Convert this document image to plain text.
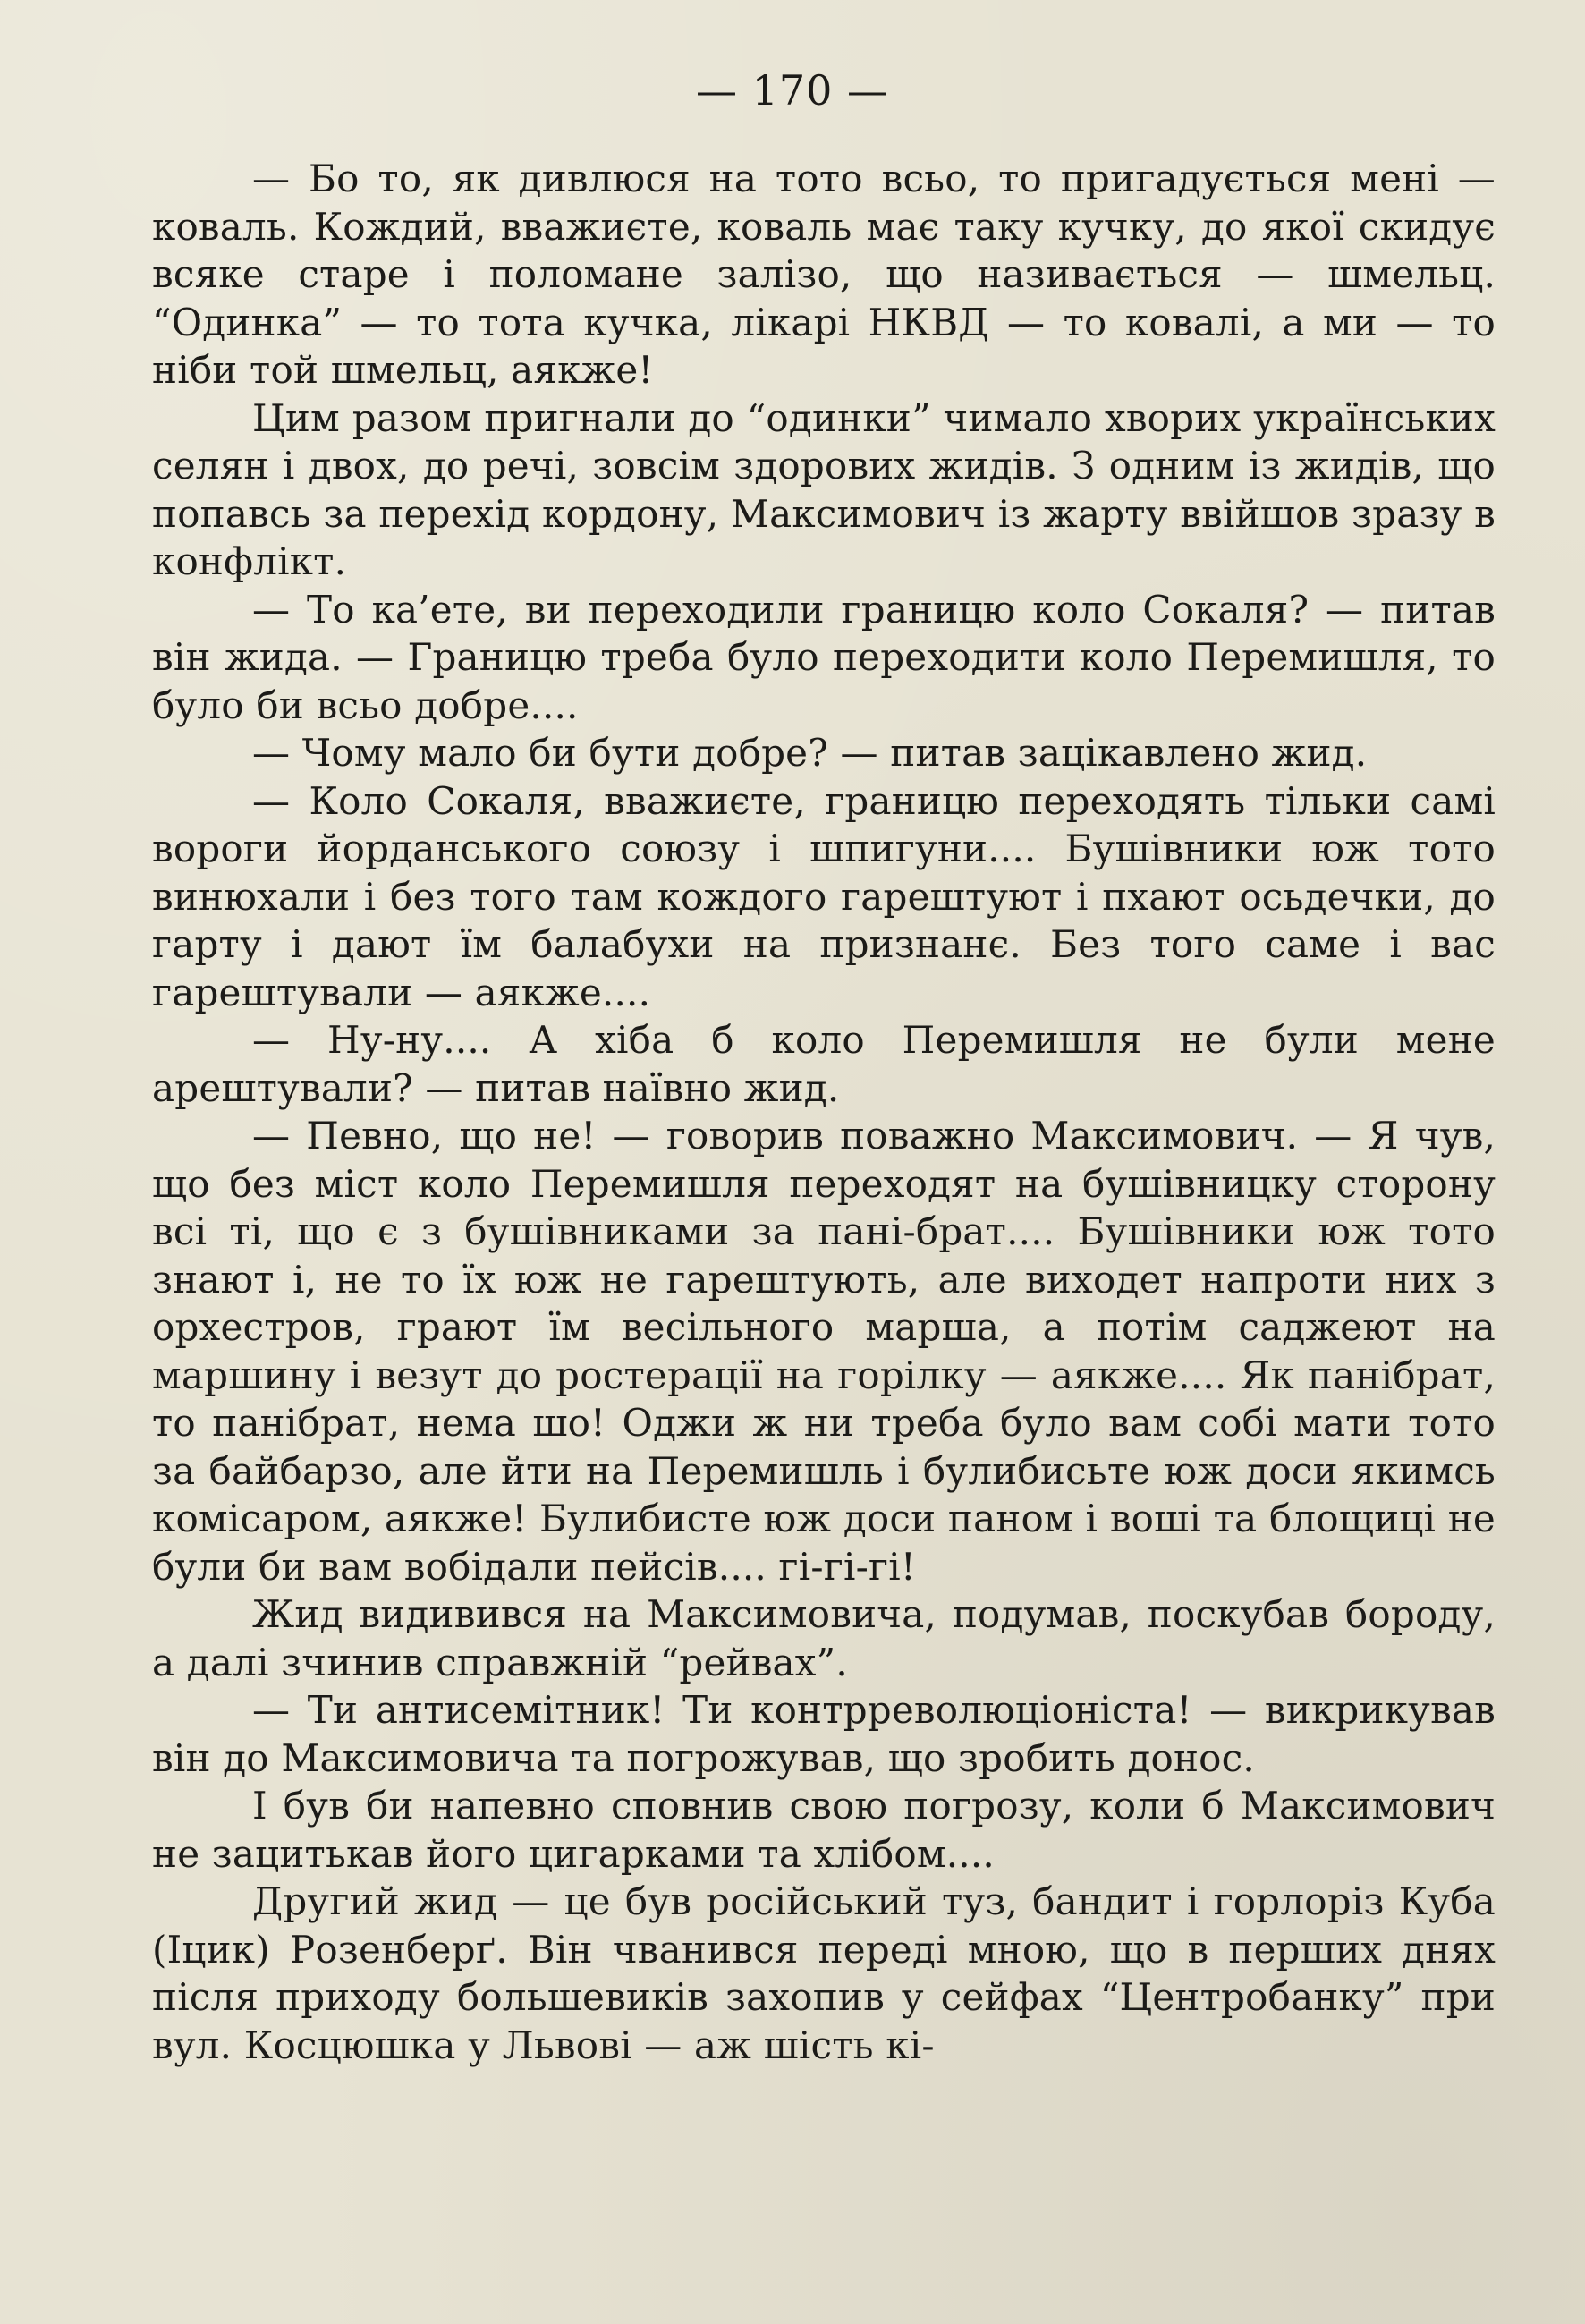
— 170 —

— Бо то, як дивлюся на тото всьо, то пригадується мені — коваль. Кождий, вважиєте, коваль має таку кучку, до якої скидує всяке старе і поломане залізо, що називається — шмельц. “Одинка” — то тота кучка, лікарі НКВД — то ковалі, а ми — то ніби той шмельц, аякже!

Цим разом пригнали до “одинки” чимало хворих українських селян і двох, до речі, зовсім здорових жидів. З одним із жидів, що попавсь за перехід кордону, Максимович із жарту ввійшов зразу в конфлікт.

— То ка’ете, ви переходили границю коло Сокаля? — питав він жида. — Границю треба було переходити коло Перемишля, то було би всьо добре....

— Чому мало би бути добре? — питав зацікавлено жид.

— Коло Сокаля, вважиєте, границю переходять тільки самі вороги йорданського союзу і шпигуни.... Бушівники юж тото винюхали і без того там кождого гарештуют і пхают осьдечки, до гарту і дают їм балабухи на признанє. Без того саме і вас гарештували — аякже....

— Ну-ну.... А хіба б коло Перемишля не були мене арештували? — питав наївно жид.

— Певно, що не! — говорив поважно Максимович. — Я чув, що без міст коло Перемишля переходят на бушівницку сторону всі ті, що є з бушівниками за пані-брат.... Бушівники юж тото знают і, не то їх юж не гарештують, але виходет напроти них з орхестров, грают їм весільного марша, а потім саджеют на маршину і везут до ростерації на горілку — аякже.... Як панібрат, то панібрат, нема шо! Оджи ж ни треба було вам собі мати тото за байбарзо, але йти на Перемишль і булибисьте юж доси якимсь комісаром, аякже! Булибисте юж доси паном і воші та блощиці не були би вам вобідали пейсів.... гі-гі-гі!

Жид видивився на Максимовича, подумав, поскубав бороду, а далі зчинив справжній “рейвах”.

— Ти антисемітник! Ти контрреволюціоніста! — викрикував він до Максимовича та погрожував, що зробить донос.

І був би напевно сповнив свою погрозу, коли б Максимович не зацитькав його цигарками та хлібом....

Другий жид — це був російський туз, бандит і горлоріз Куба (Іцик) Розенберґ. Він чванився переді мною, що в перших днях після приходу большевиків захопив у сейфах “Центробанку” при вул. Косцюшка у Львові — аж шість кі-
